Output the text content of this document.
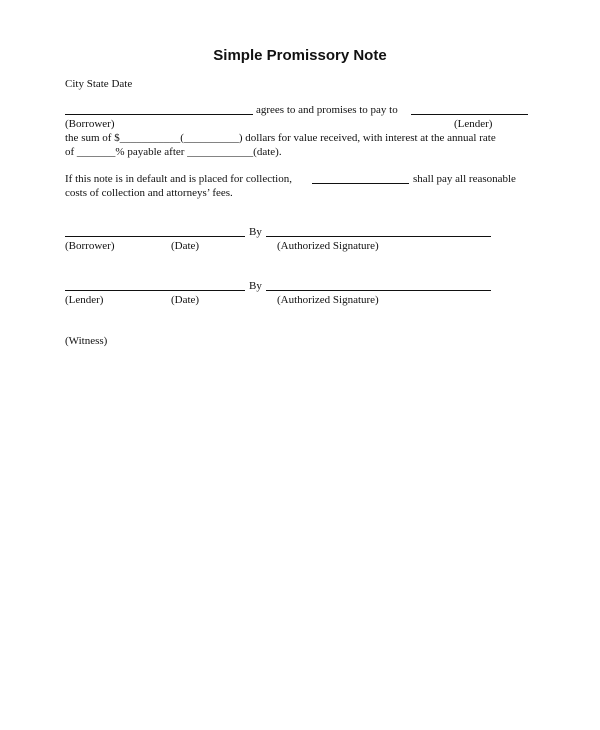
Simple Promissory Note
City State Date
agrees to and promises to pay to
(Borrower)	(Lender)
the sum of $___________(__________) dollars for value received, with interest at the annual rate
of _______% payable after ____________(date).
If this note is in default and is placed for collection,	shall pay all reasonable
costs of collection and attorneys’ fees.
By
(Borrower)	(Date)	(Authorized Signature)
By
(Lender)	(Date)	(Authorized Signature)
(Witness)
